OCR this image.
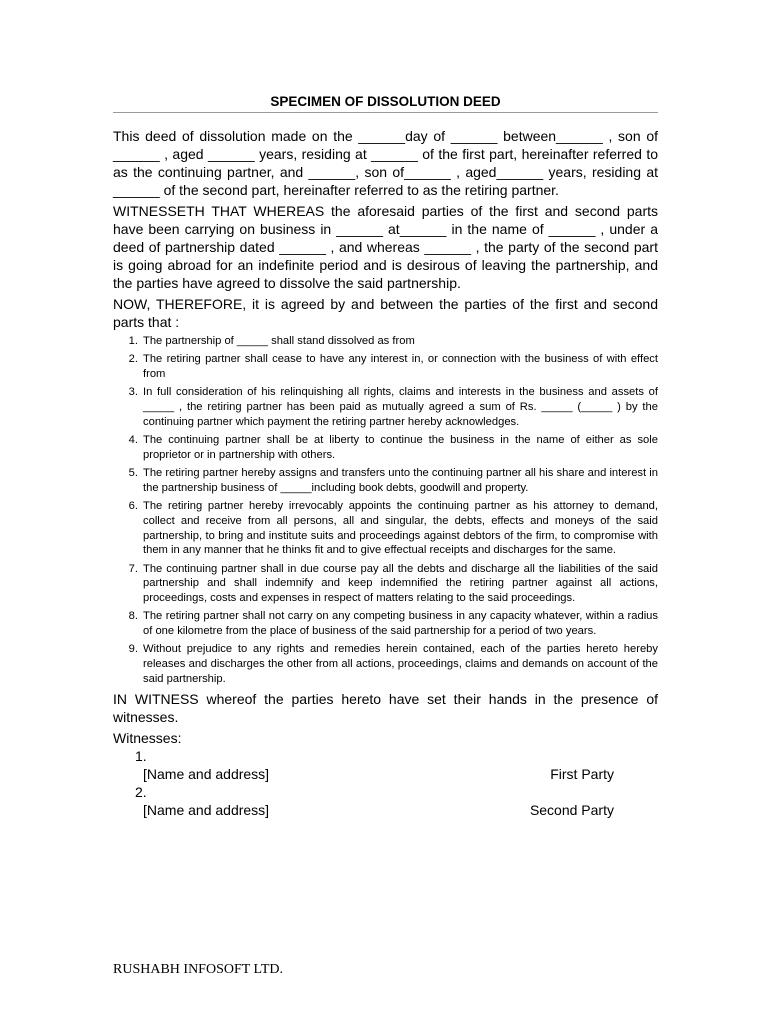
SPECIMEN OF DISSOLUTION DEED

This deed of dissolution made on the ______day of ______ between______ , son of ______ , aged ______ years, residing at ______ of the first part, hereinafter referred to as the continuing partner, and ______, son of______ , aged______ years, residing at ______ of the second part, hereinafter referred to as the retiring partner.

WITNESSETH THAT WHEREAS the aforesaid parties of the first and second parts have been carrying on business in ______ at______ in the name of ______ , under a deed of partnership dated ______ , and whereas ______ , the party of the second part is going abroad for an indefinite period and is desirous of leaving the partnership, and the parties have agreed to dissolve the said partnership.

NOW, THEREFORE, it is agreed by and between the parties of the first and second parts that :

1. The partnership of _____ shall stand dissolved as from
2. The retiring partner shall cease to have any interest in, or connection with the business of with effect from
3. In full consideration of his relinquishing all rights, claims and interests in the business and assets of _____ , the retiring partner has been paid as mutually agreed a sum of Rs. _____ (_____ ) by the continuing partner which payment the retiring partner hereby acknowledges.
4. The continuing partner shall be at liberty to continue the business in the name of either as sole proprietor or in partnership with others.
5. The retiring partner hereby assigns and transfers unto the continuing partner all his share and interest in the partnership business of _____including book debts, goodwill and property.
6. The retiring partner hereby irrevocably appoints the continuing partner as his attorney to demand, collect and receive from all persons, all and singular, the debts, effects and moneys of the said partnership, to bring and institute suits and proceedings against debtors of the firm, to compromise with them in any manner that he thinks fit and to give effectual receipts and discharges for the same.
7. The continuing partner shall in due course pay all the debts and discharge all the liabilities of the said partnership and shall indemnify and keep indemnified the retiring partner against all actions, proceedings, costs and expenses in respect of matters relating to the said proceedings.
8. The retiring partner shall not carry on any competing business in any capacity whatever, within a radius of one kilometre from the place of business of the said partnership for a period of two years.
9. Without prejudice to any rights and remedies herein contained, each of the parties hereto hereby releases and discharges the other from all actions, proceedings, claims and demands on account of the said partnership.

IN WITNESS whereof the parties hereto have set their hands in the presence of witnesses.

Witnesses:
1.
[Name and address]	First Party
2.
[Name and address]	Second Party
RUSHABH INFOSOFT LTD.
